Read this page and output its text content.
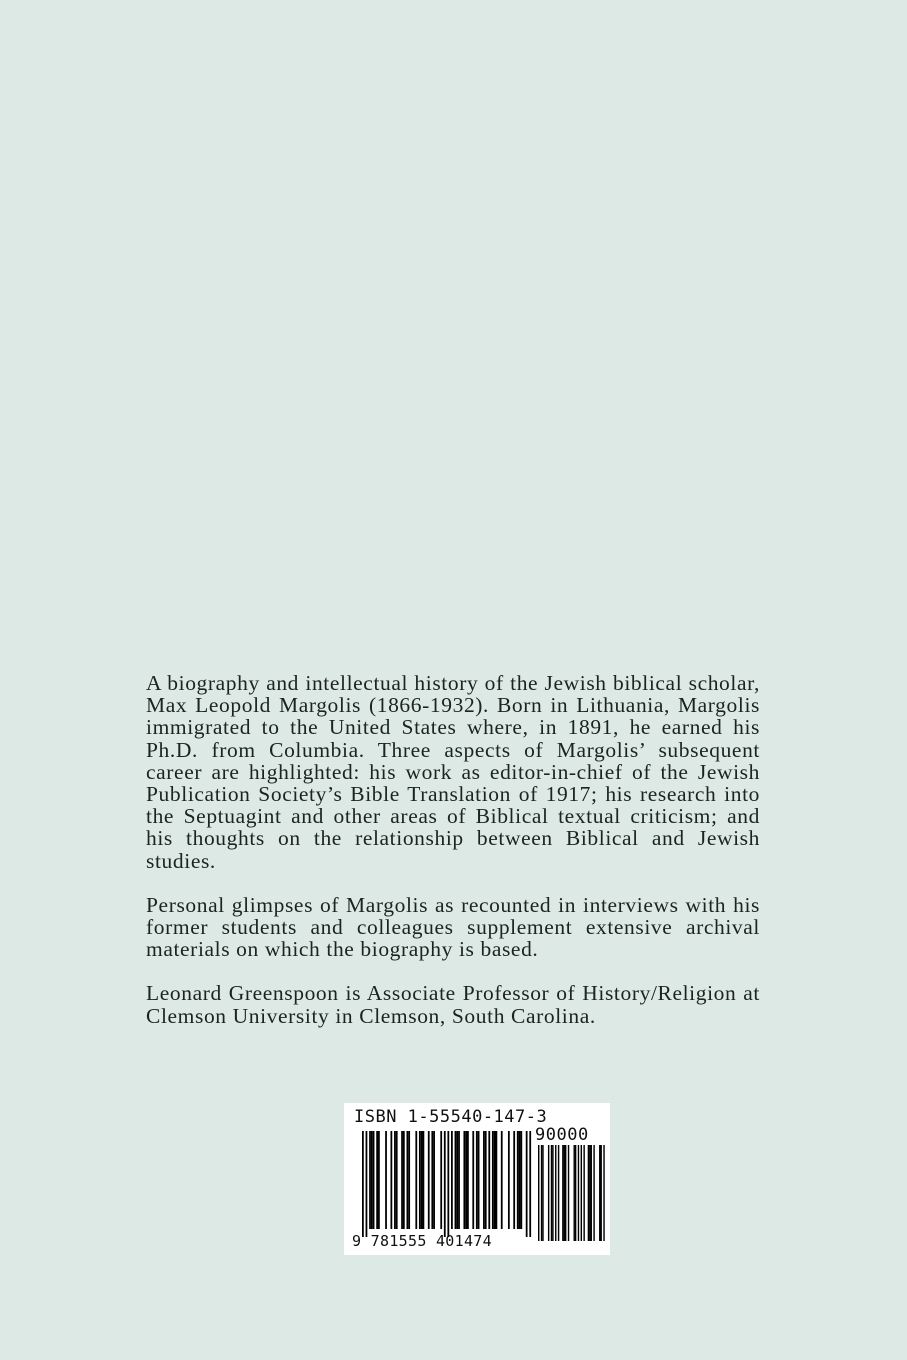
A biography and intellectual history of the Jewish biblical scholar, Max Leopold Margolis (1866-1932). Born in Lithuania, Margolis immigrated to the United States where, in 1891, he earned his Ph.D. from Columbia. Three aspects of Margolis’ subsequent career are highlighted: his work as editor-in-chief of the Jewish Publication Society’s Bible Translation of 1917; his research into the Septuagint and other areas of Biblical textual criticism; and his thoughts on the relationship between Biblical and Jewish studies.

Personal glimpses of Margolis as recounted in interviews with his former students and colleagues supplement extensive archival materials on which the biography is based.

Leonard Greenspoon is Associate Professor of History/Religion at Clemson University in Clemson, South Carolina.

ISBN 1-55540-147-3
90000
9 781555 401474
